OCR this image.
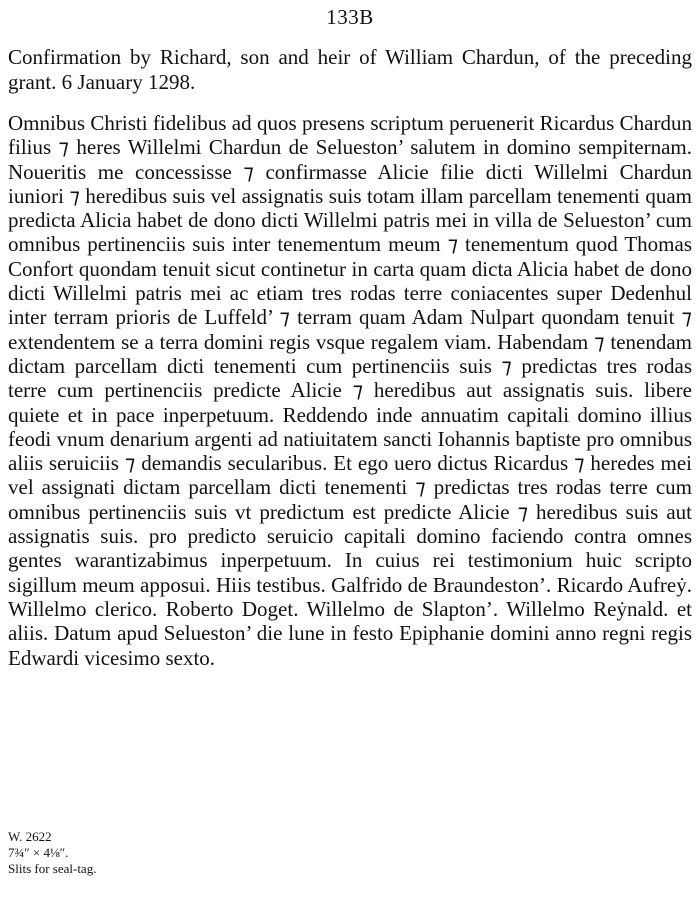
133B
Confirmation by Richard, son and heir of William Chardun, of the preceding grant. 6 January 1298.
Omnibus Christi fidelibus ad quos presens scriptum peruenerit Ricardus Chardun filius ⁊ heres Willelmi Chardun de Selueston’ salutem in domino sempiternam. Noueritis me concessisse ⁊ confirmasse Alicie filie dicti Willelmi Chardun iuniori ⁊ heredibus suis vel assignatis suis totam illam parcellam tenementi quam predicta Alicia habet de dono dicti Willelmi patris mei in villa de Selueston’ cum omnibus pertinenciis suis inter tenementum meum ⁊ tenementum quod Thomas Confort quondam tenuit sicut continetur in carta quam dicta Alicia habet de dono dicti Willelmi patris mei ac etiam tres rodas terre coniacentes super Dedenhul inter terram prioris de Luffeld’ ⁊ terram quam Adam Nulpart quondam tenuit ⁊ extendentem se a terra domini regis vsque regalem viam. Habendam ⁊ tenendam dictam parcellam dicti tenementi cum pertinenciis suis ⁊ predictas tres rodas terre cum pertinenciis predicte Alicie ⁊ heredibus aut assignatis suis. libere quiete et in pace inperpetuum. Reddendo inde annuatim capitali domino illius feodi vnum denarium argenti ad natiuitatem sancti Iohannis baptiste pro omnibus aliis seruiciis ⁊ demandis secularibus. Et ego uero dictus Ricardus ⁊ heredes mei vel assignati dictam parcellam dicti tenementi ⁊ predictas tres rodas terre cum omnibus pertinenciis suis vt predictum est predicte Alicie ⁊ heredibus suis aut assignatis suis. pro predicto seruicio capitali domino faciendo contra omnes gentes warantizabimus inperpetuum. In cuius rei testimonium huic scripto sigillum meum apposui. Hiis testibus. Galfrido de Braundeston’. Ricardo Aufreẏ. Willelmo clerico. Roberto Doget. Willelmo de Slapton’. Willelmo Reẏnald. et aliis. Datum apud Selueston’ die lune in festo Epiphanie domini anno regni regis Edwardi vicesimo sexto.
W. 2622
7¾″ × 4⅛″.
Slits for seal-tag.
